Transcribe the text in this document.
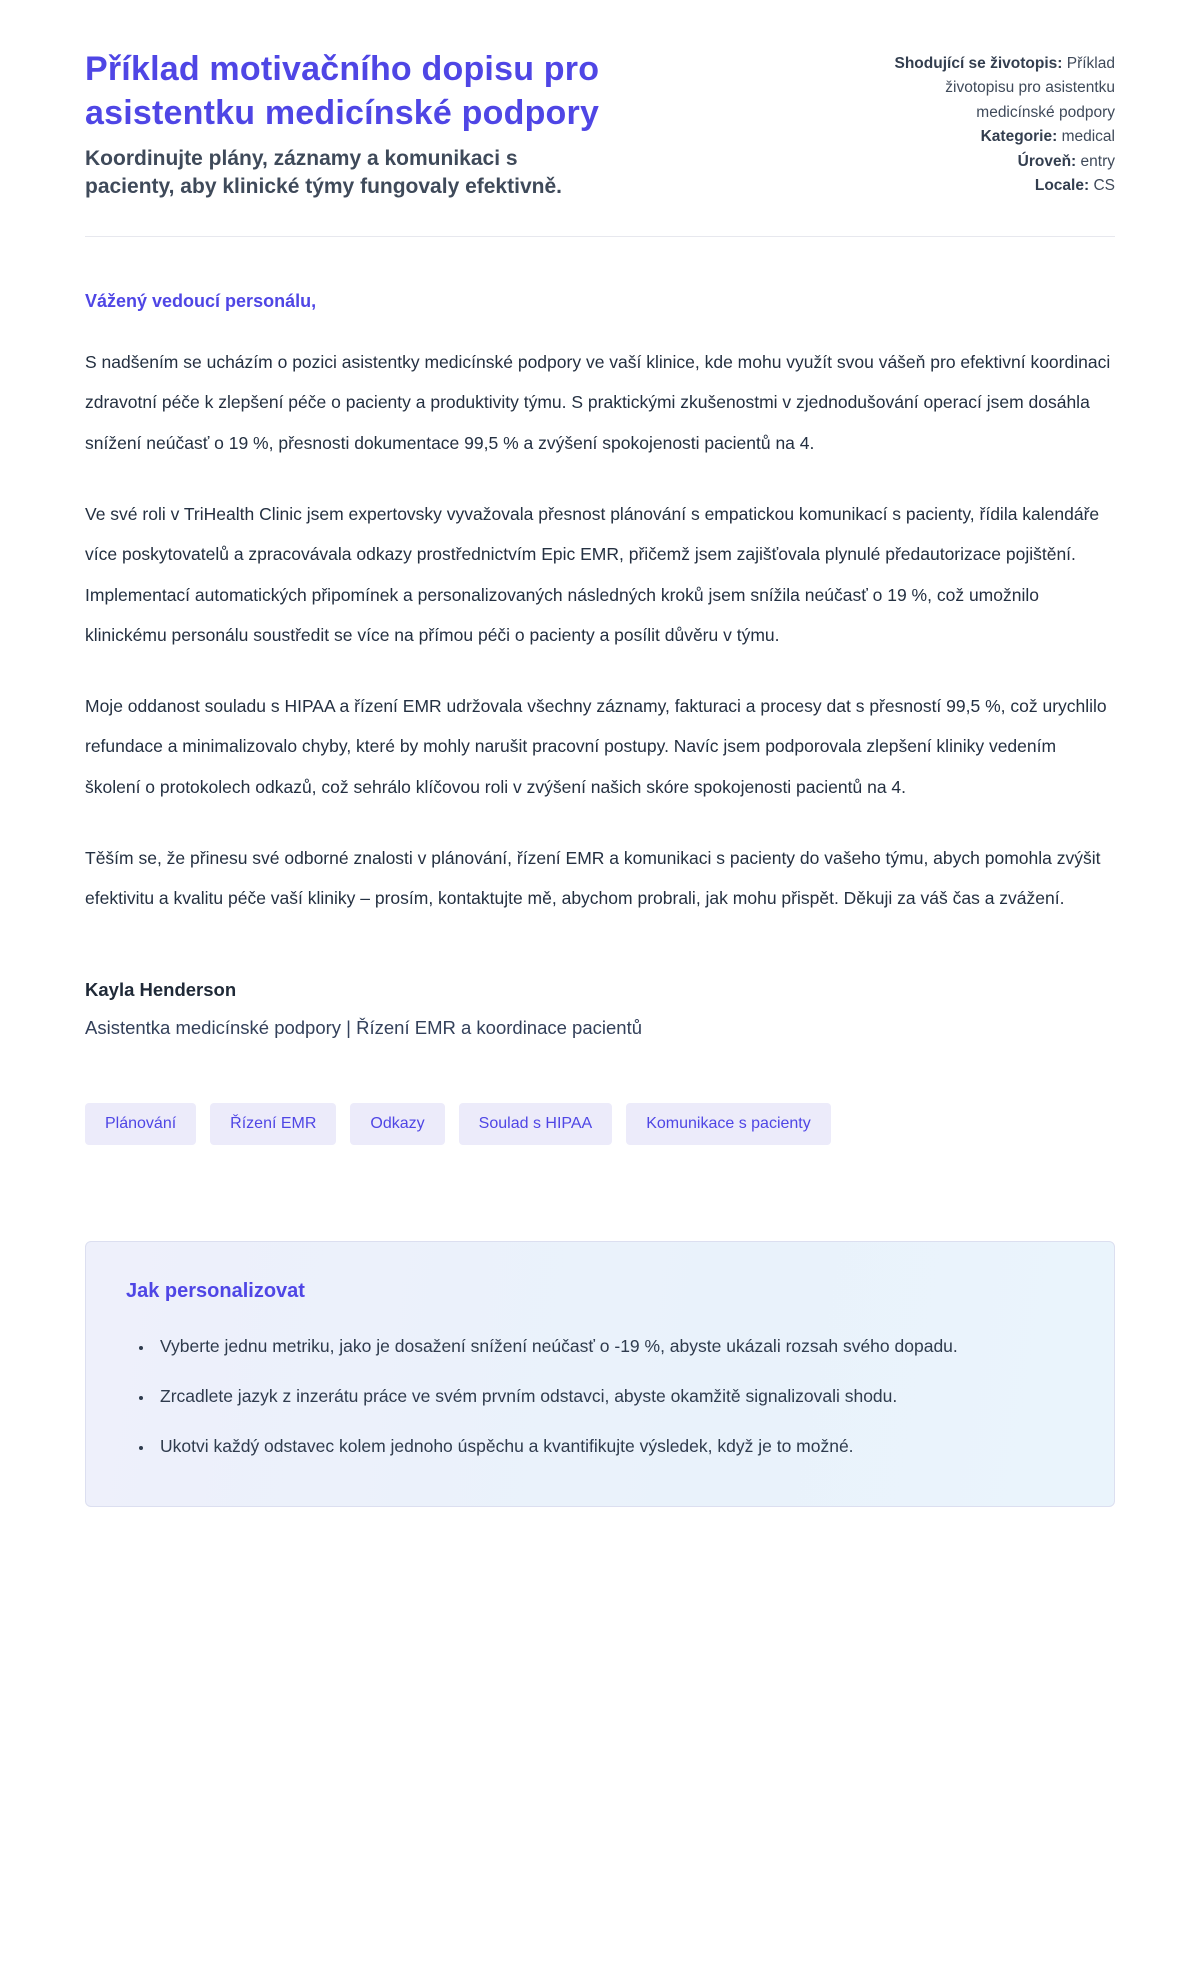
Příklad motivačního dopisu pro asistentku medicínské podpory
Koordinujte plány, záznamy a komunikaci s pacienty, aby klinické týmy fungovaly efektivně.
Shodující se životopis: Příklad životopisu pro asistentku medicínské podpory
Kategorie: medical
Úroveň: entry
Locale: CS
Vážený vedoucí personálu,

S nadšením se ucházím o pozici asistentky medicínské podpory ve vaší klinice, kde mohu využít svou vášeň pro efektivní koordinaci zdravotní péče k zlepšení péče o pacienty a produktivity týmu. S praktickými zkušenostmi v zjednodušování operací jsem dosáhla snížení neúčasť o 19 %, přesnosti dokumentace 99,5 % a zvýšení spokojenosti pacientů na 4.

Ve své roli v TriHealth Clinic jsem expertovsky vyvažovala přesnost plánování s empatickou komunikací s pacienty, řídila kalendáře více poskytovatelů a zpracovávala odkazy prostřednictvím Epic EMR, přičemž jsem zajišťovala plynulé předautorizace pojištění. Implementací automatických připomínek a personalizovaných následných kroků jsem snížila neúčasť o 19 %, což umožnilo klinickému personálu soustředit se více na přímou péči o pacienty a posílit důvěru v týmu.

Moje oddanost souladu s HIPAA a řízení EMR udržovala všechny záznamy, fakturaci a procesy dat s přesností 99,5 %, což urychlilo refundace a minimalizovalo chyby, které by mohly narušit pracovní postupy. Navíc jsem podporovala zlepšení kliniky vedením školení o protokolech odkazů, což sehrálo klíčovou roli v zvýšení našich skóre spokojenosti pacientů na 4.

Těším se, že přinesu své odborné znalosti v plánování, řízení EMR a komunikaci s pacienty do vašeho týmu, abych pomohla zvýšit efektivitu a kvalitu péče vaší kliniky – prosím, kontaktujte mě, abychom probrali, jak mohu přispět. Děkuji za váš čas a zvážení.

Kayla Henderson
Asistentka medicínské podpory | Řízení EMR a koordinace pacientů
Plánování	Řízení EMR	Odkazy	Soulad s HIPAA	Komunikace s pacienty
Jak personalizovat
• Vyberte jednu metriku, jako je dosažení snížení neúčasť o -19 %, abyste ukázali rozsah svého dopadu.
• Zrcadlete jazyk z inzerátu práce ve svém prvním odstavci, abyste okamžitě signalizovali shodu.
• Ukotvi každý odstavec kolem jednoho úspěchu a kvantifikujte výsledek, když je to možné.
